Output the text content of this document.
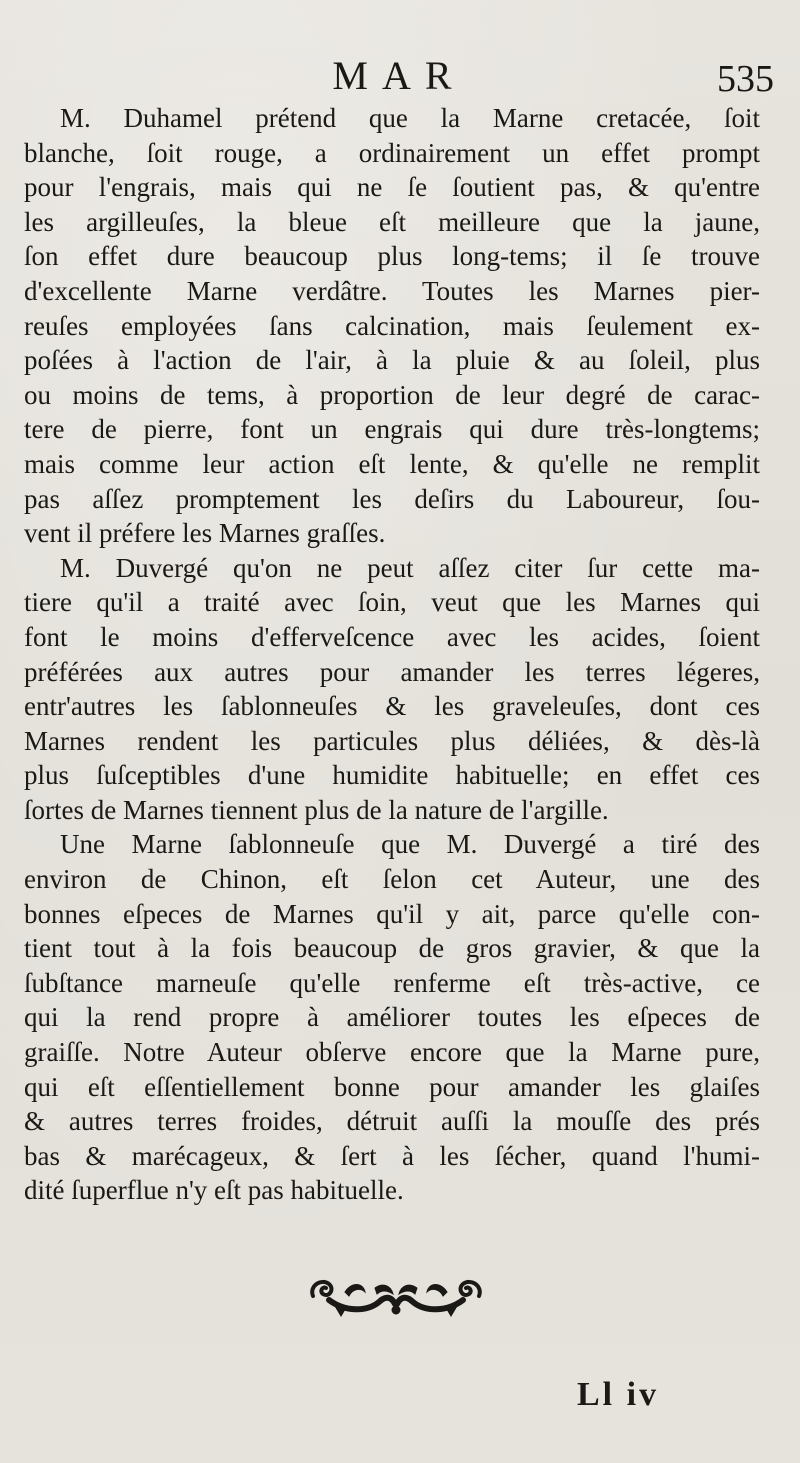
MAR	535

M. Duhamel prétend que la Marne cretacée, ſoit
blanche, ſoit rouge, a ordinairement un effet prompt
pour l'engrais, mais qui ne ſe ſoutient pas, & qu'entre
les argilleuſes, la bleue eſt meilleure que la jaune,
ſon effet dure beaucoup plus long-tems; il ſe trouve
d'excellente Marne verdâtre. Toutes les Marnes pier-
reuſes employées ſans calcination, mais ſeulement ex-
poſées à l'action de l'air, à la pluie & au ſoleil, plus
ou moins de tems, à proportion de leur degré de carac-
tere de pierre, font un engrais qui dure très-longtems;
mais comme leur action eſt lente, & qu'elle ne remplit
pas aſſez promptement les deſirs du Laboureur, ſou-
vent il préfere les Marnes graſſes.

M. Duvergé qu'on ne peut aſſez citer ſur cette ma-
tiere qu'il a traité avec ſoin, veut que les Marnes qui
font le moins d'efferveſcence avec les acides, ſoient
préférées aux autres pour amander les terres légeres,
entr'autres les ſablonneuſes & les graveleuſes, dont ces
Marnes rendent les particules plus déliées, & dès-là
plus ſuſceptibles d'une humidite habituelle; en effet ces
ſortes de Marnes tiennent plus de la nature de l'argille.

Une Marne ſablonneuſe que M. Duvergé a tiré des
environ de Chinon, eſt ſelon cet Auteur, une des
bonnes eſpeces de Marnes qu'il y ait, parce qu'elle con-
tient tout à la fois beaucoup de gros gravier, & que la
ſubſtance marneuſe qu'elle renferme eſt très-active, ce
qui la rend propre à améliorer toutes les eſpeces de
graiſſe. Notre Auteur obſerve encore que la Marne pure,
qui eſt eſſentiellement bonne pour amander les glaiſes
& autres terres froides, détruit auſſi la mouſſe des prés
bas & marécageux, & ſert à les ſécher, quand l'humi-
dité ſuperflue n'y eſt pas habituelle.

Ll iv
